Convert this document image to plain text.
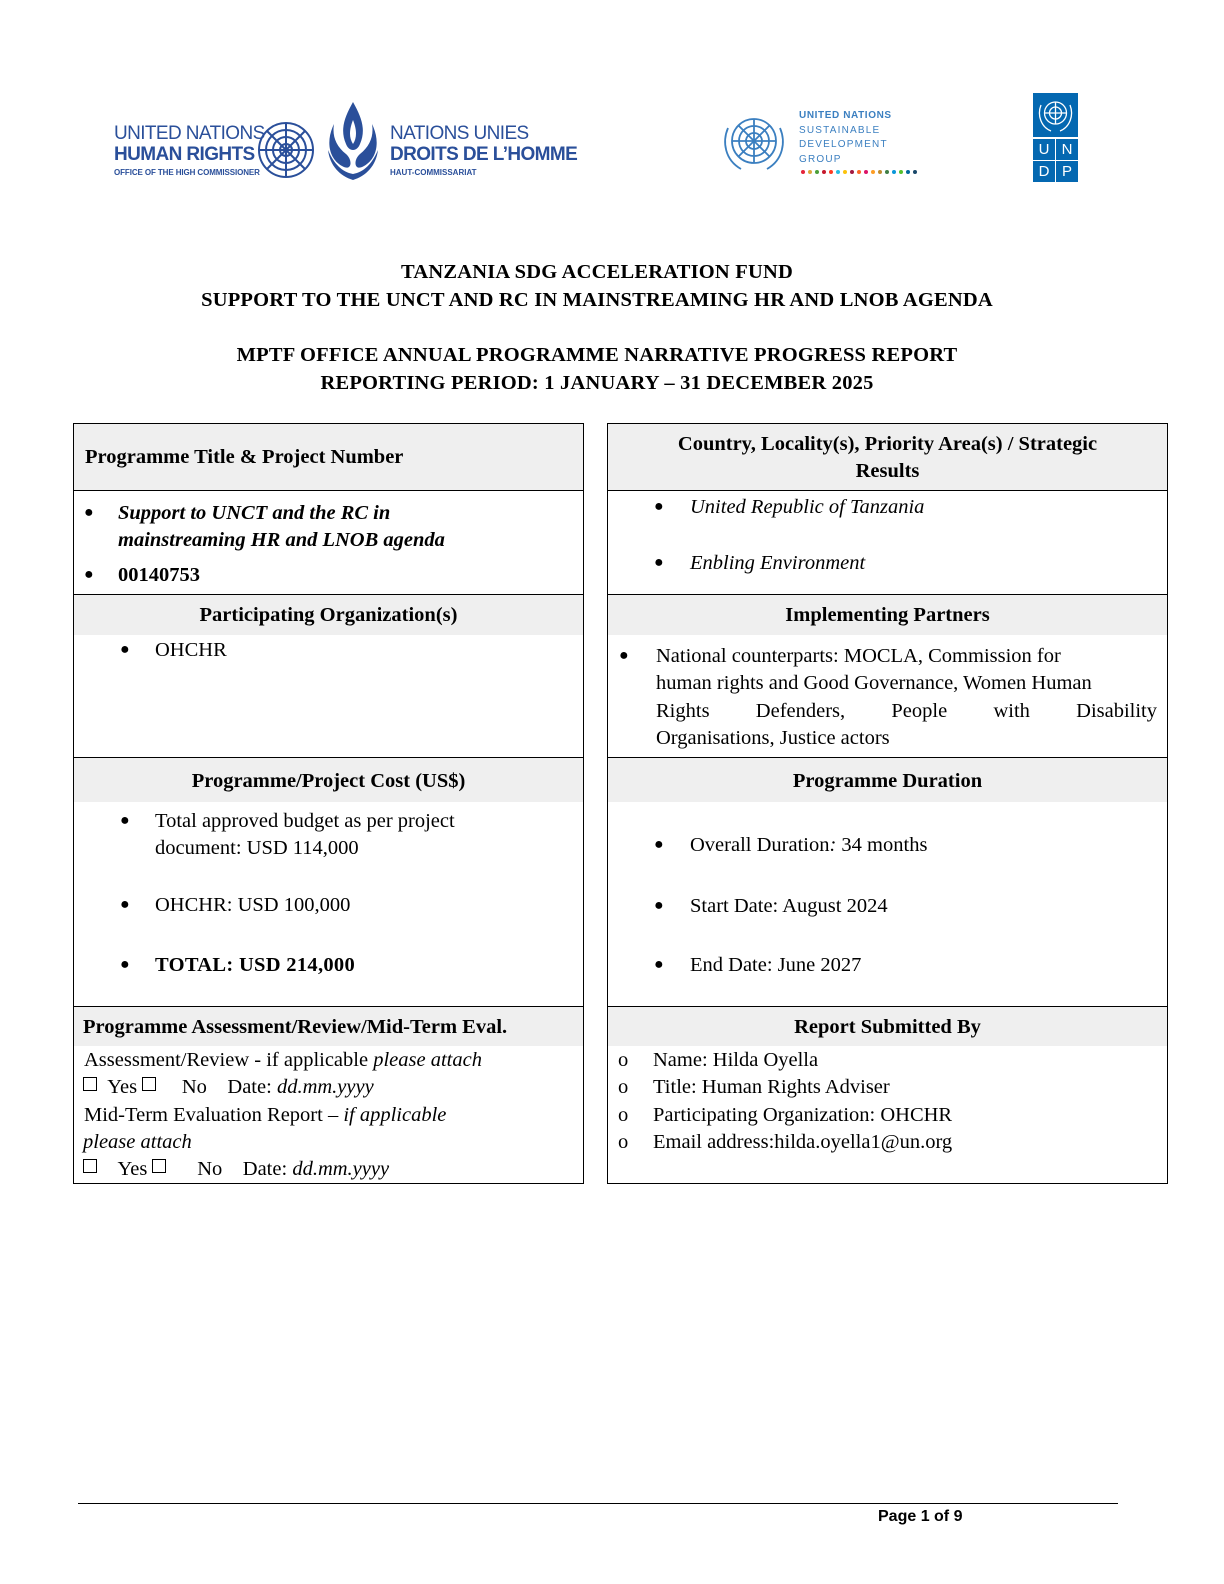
UNITED NATIONS
HUMAN RIGHTS
OFFICE OF THE HIGH COMMISSIONER
NATIONS UNIES
DROITS DE L’HOMME
HAUT-COMMISSARIAT
UNITED NATIONS
SUSTAINABLE
DEVELOPMENT
GROUP
U N
D P
TANZANIA SDG ACCELERATION FUND
SUPPORT TO THE UNCT AND RC IN MAINSTREAMING HR AND LNOB AGENDA
MPTF OFFICE ANNUAL PROGRAMME NARRATIVE PROGRESS REPORT
REPORTING PERIOD: 1 JANUARY – 31 DECEMBER 2025
Programme Title & Project Number
● Support to UNCT and the RC in
mainstreaming HR and LNOB agenda
● 00140753
Participating Organization(s)
● OHCHR
Programme/Project Cost (US$)
● Total approved budget as per project
document: USD 114,000
● OHCHR: USD 100,000
● TOTAL: USD 214,000
Programme Assessment/Review/Mid-Term Eval.
Assessment/Review - if applicable please attach
Yes No Date: dd.mm.yyyy
Mid-Term Evaluation Report – if applicable
please attach
Yes No Date: dd.mm.yyyy
Country, Locality(s), Priority Area(s) / Strategic
Results
● United Republic of Tanzania
● Enbling Environment
Implementing Partners
● National counterparts: MOCLA, Commission for
human rights and Good Governance, Women Human
Rights Defenders, People with Disability
Organisations, Justice actors
Programme Duration
● Overall Duration: 34 months
● Start Date: August 2024
● End Date: June 2027
Report Submitted By
o Name: Hilda Oyella
o Title: Human Rights Adviser
o Participating Organization: OHCHR
o Email address:hilda.oyella1@un.org
Page 1 of 9
